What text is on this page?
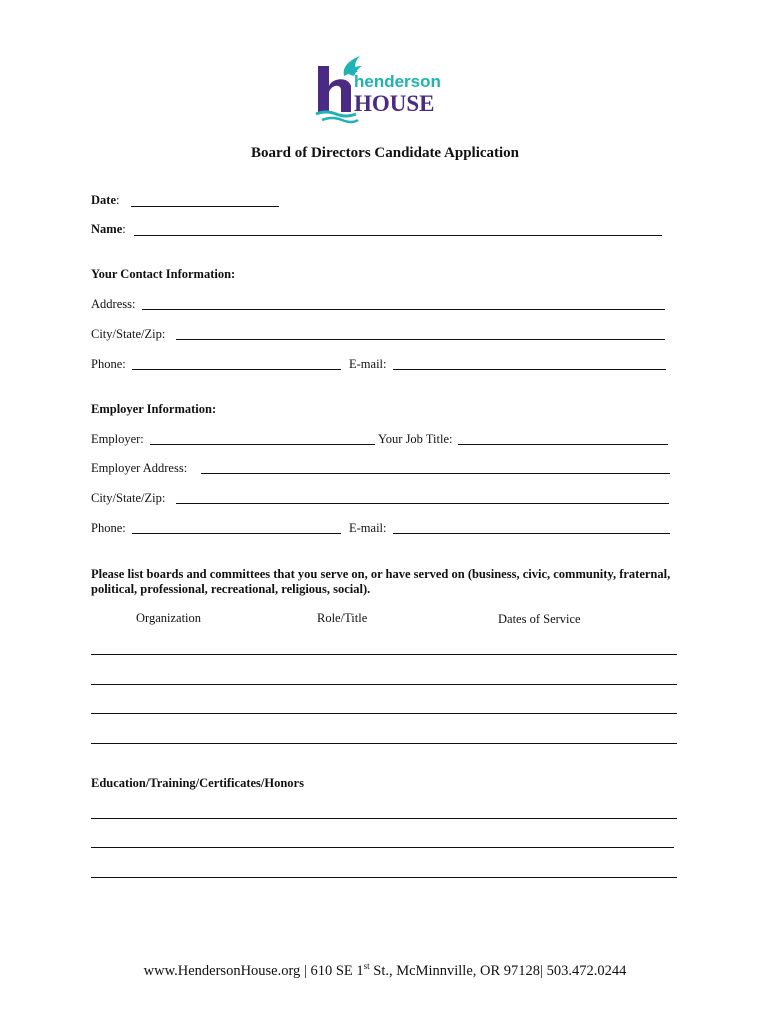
henderson
HOUSE
Board of Directors Candidate Application
Date:
Name:
Your Contact Information:
Address:
City/State/Zip:
Phone:	E-mail:
Employer Information:
Employer:	Your Job Title:
Employer Address:
City/State/Zip:
Phone:	E-mail:
Please list boards and committees that you serve on, or have served on (business, civic, community, fraternal, political, professional, recreational, religious, social).
Organization	Role/Title	Dates of Service
Education/Training/Certificates/Honors
www.HendersonHouse.org | 610 SE 1st St., McMinnville, OR 97128| 503.472.0244
